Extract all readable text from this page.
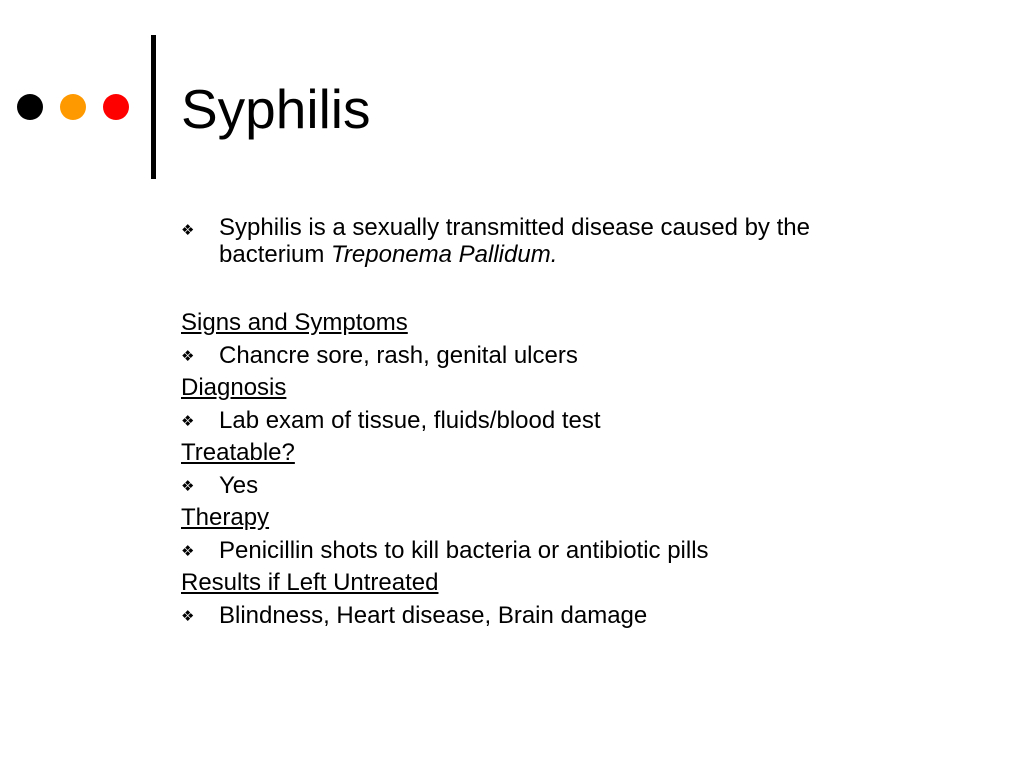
Syphilis

❖ Syphilis is a sexually transmitted disease caused by the bacterium Treponema Pallidum.

Signs and Symptoms
❖ Chancre sore, rash, genital ulcers
Diagnosis
❖ Lab exam of tissue, fluids/blood test
Treatable?
❖ Yes
Therapy
❖ Penicillin shots to kill bacteria or antibiotic pills
Results if Left Untreated
❖ Blindness, Heart disease, Brain damage
